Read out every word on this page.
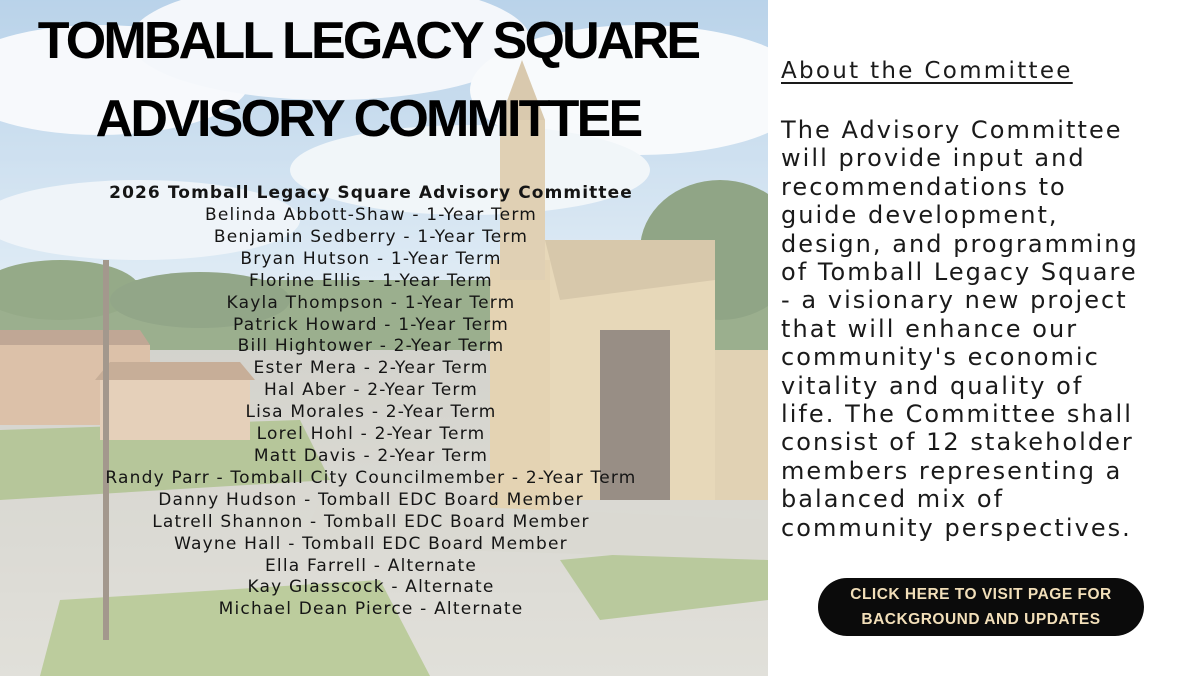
TOMBALL LEGACY SQUARE
ADVISORY COMMITTEE
2026 Tomball Legacy Square Advisory Committee
Belinda Abbott-Shaw - 1-Year Term
Benjamin Sedberry - 1-Year Term
Bryan Hutson - 1-Year Term
Florine Ellis - 1-Year Term
Kayla Thompson - 1-Year Term
Patrick Howard - 1-Year Term
Bill Hightower - 2-Year Term
Ester Mera - 2-Year Term
Hal Aber - 2-Year Term
Lisa Morales - 2-Year Term
Lorel Hohl - 2-Year Term
Matt Davis - 2-Year Term
Randy Parr - Tomball City Councilmember - 2-Year Term
Danny Hudson - Tomball EDC Board Member
Latrell Shannon - Tomball EDC Board Member
Wayne Hall - Tomball EDC Board Member
Ella Farrell - Alternate
Kay Glasscock - Alternate
Michael Dean Pierce - Alternate
About the Committee

The Advisory Committee
will provide input and
recommendations to
guide development,
design, and programming
of Tomball Legacy Square
- a visionary new project
that will enhance our
community's economic
vitality and quality of
life. The Committee shall
consist of 12 stakeholder
members representing a
balanced mix of
community perspectives.

CLICK HERE TO VISIT PAGE FOR
BACKGROUND AND UPDATES
